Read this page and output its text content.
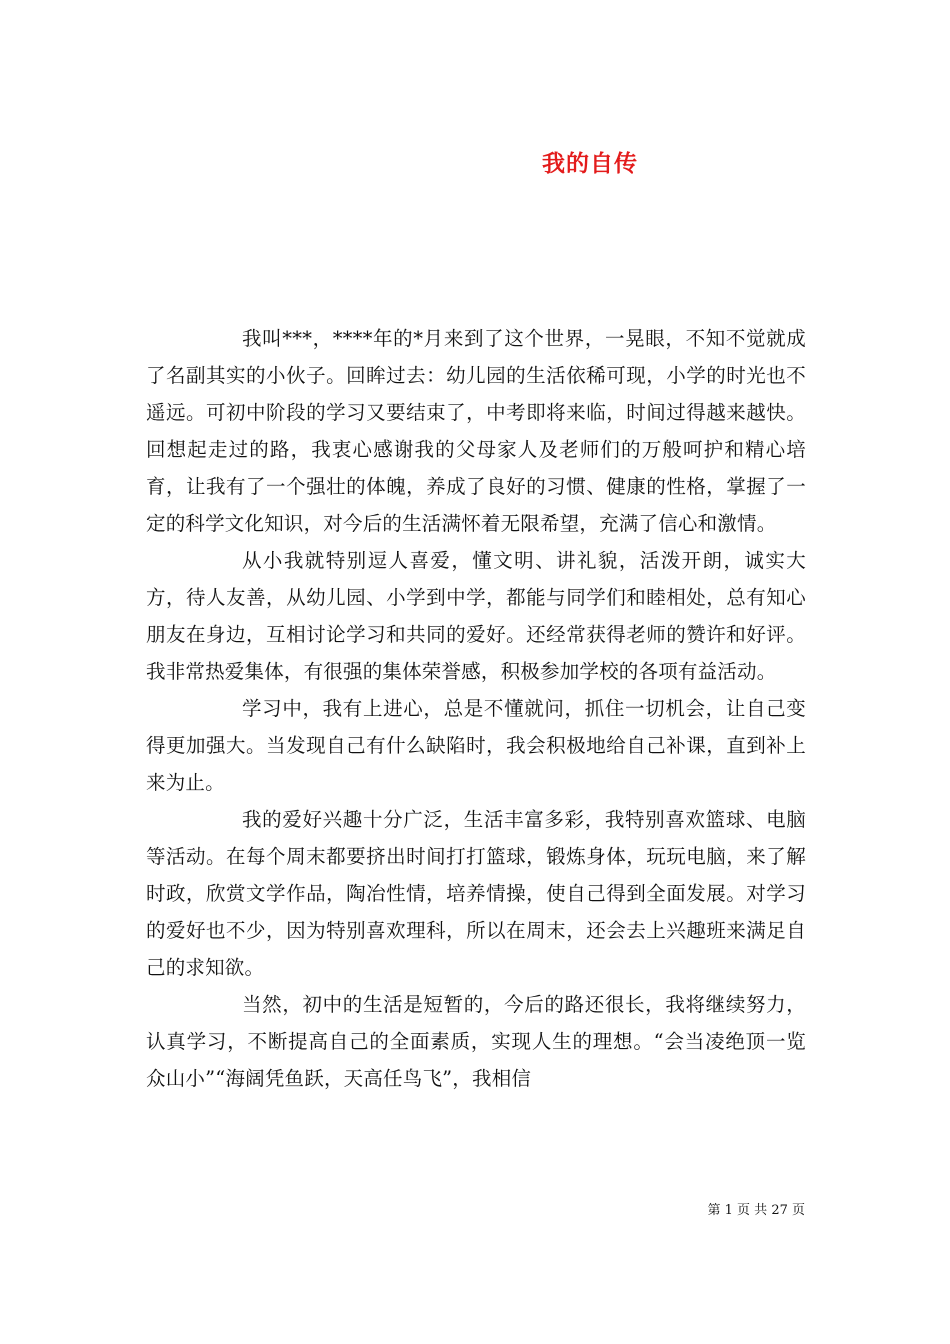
我的自传

我叫***，****年的*月来到了这个世界，一晃眼，不知不觉就成了名副其实的小伙子。回眸过去：幼儿园的生活依稀可现，小学的时光也不遥远。可初中阶段的学习又要结束了，中考即将来临，时间过得越来越快。回想起走过的路，我衷心感谢我的父母家人及老师们的万般呵护和精心培育，让我有了一个强壮的体魄，养成了良好的习惯、健康的性格，掌握了一定的科学文化知识，对今后的生活满怀着无限希望，充满了信心和激情。

从小我就特别逗人喜爱，懂文明、讲礼貌，活泼开朗，诚实大方，待人友善，从幼儿园、小学到中学，都能与同学们和睦相处，总有知心朋友在身边，互相讨论学习和共同的爱好。还经常获得老师的赞许和好评。我非常热爱集体，有很强的集体荣誉感，积极参加学校的各项有益活动。

学习中，我有上进心，总是不懂就问，抓住一切机会，让自己变得更加强大。当发现自己有什么缺陷时，我会积极地给自己补课，直到补上来为止。

我的爱好兴趣十分广泛，生活丰富多彩，我特别喜欢篮球、电脑等活动。在每个周末都要挤出时间打打篮球，锻炼身体，玩玩电脑，来了解时政，欣赏文学作品，陶冶性情，培养情操，使自己得到全面发展。对学习的爱好也不少，因为特别喜欢理科，所以在周末，还会去上兴趣班来满足自己的求知欲。

当然，初中的生活是短暂的，今后的路还很长，我将继续努力，认真学习，不断提高自己的全面素质，实现人生的理想。“会当凌绝顶一览众山小”“海阔凭鱼跃，天高任鸟飞”，我相信

第 1 页 共 27 页
